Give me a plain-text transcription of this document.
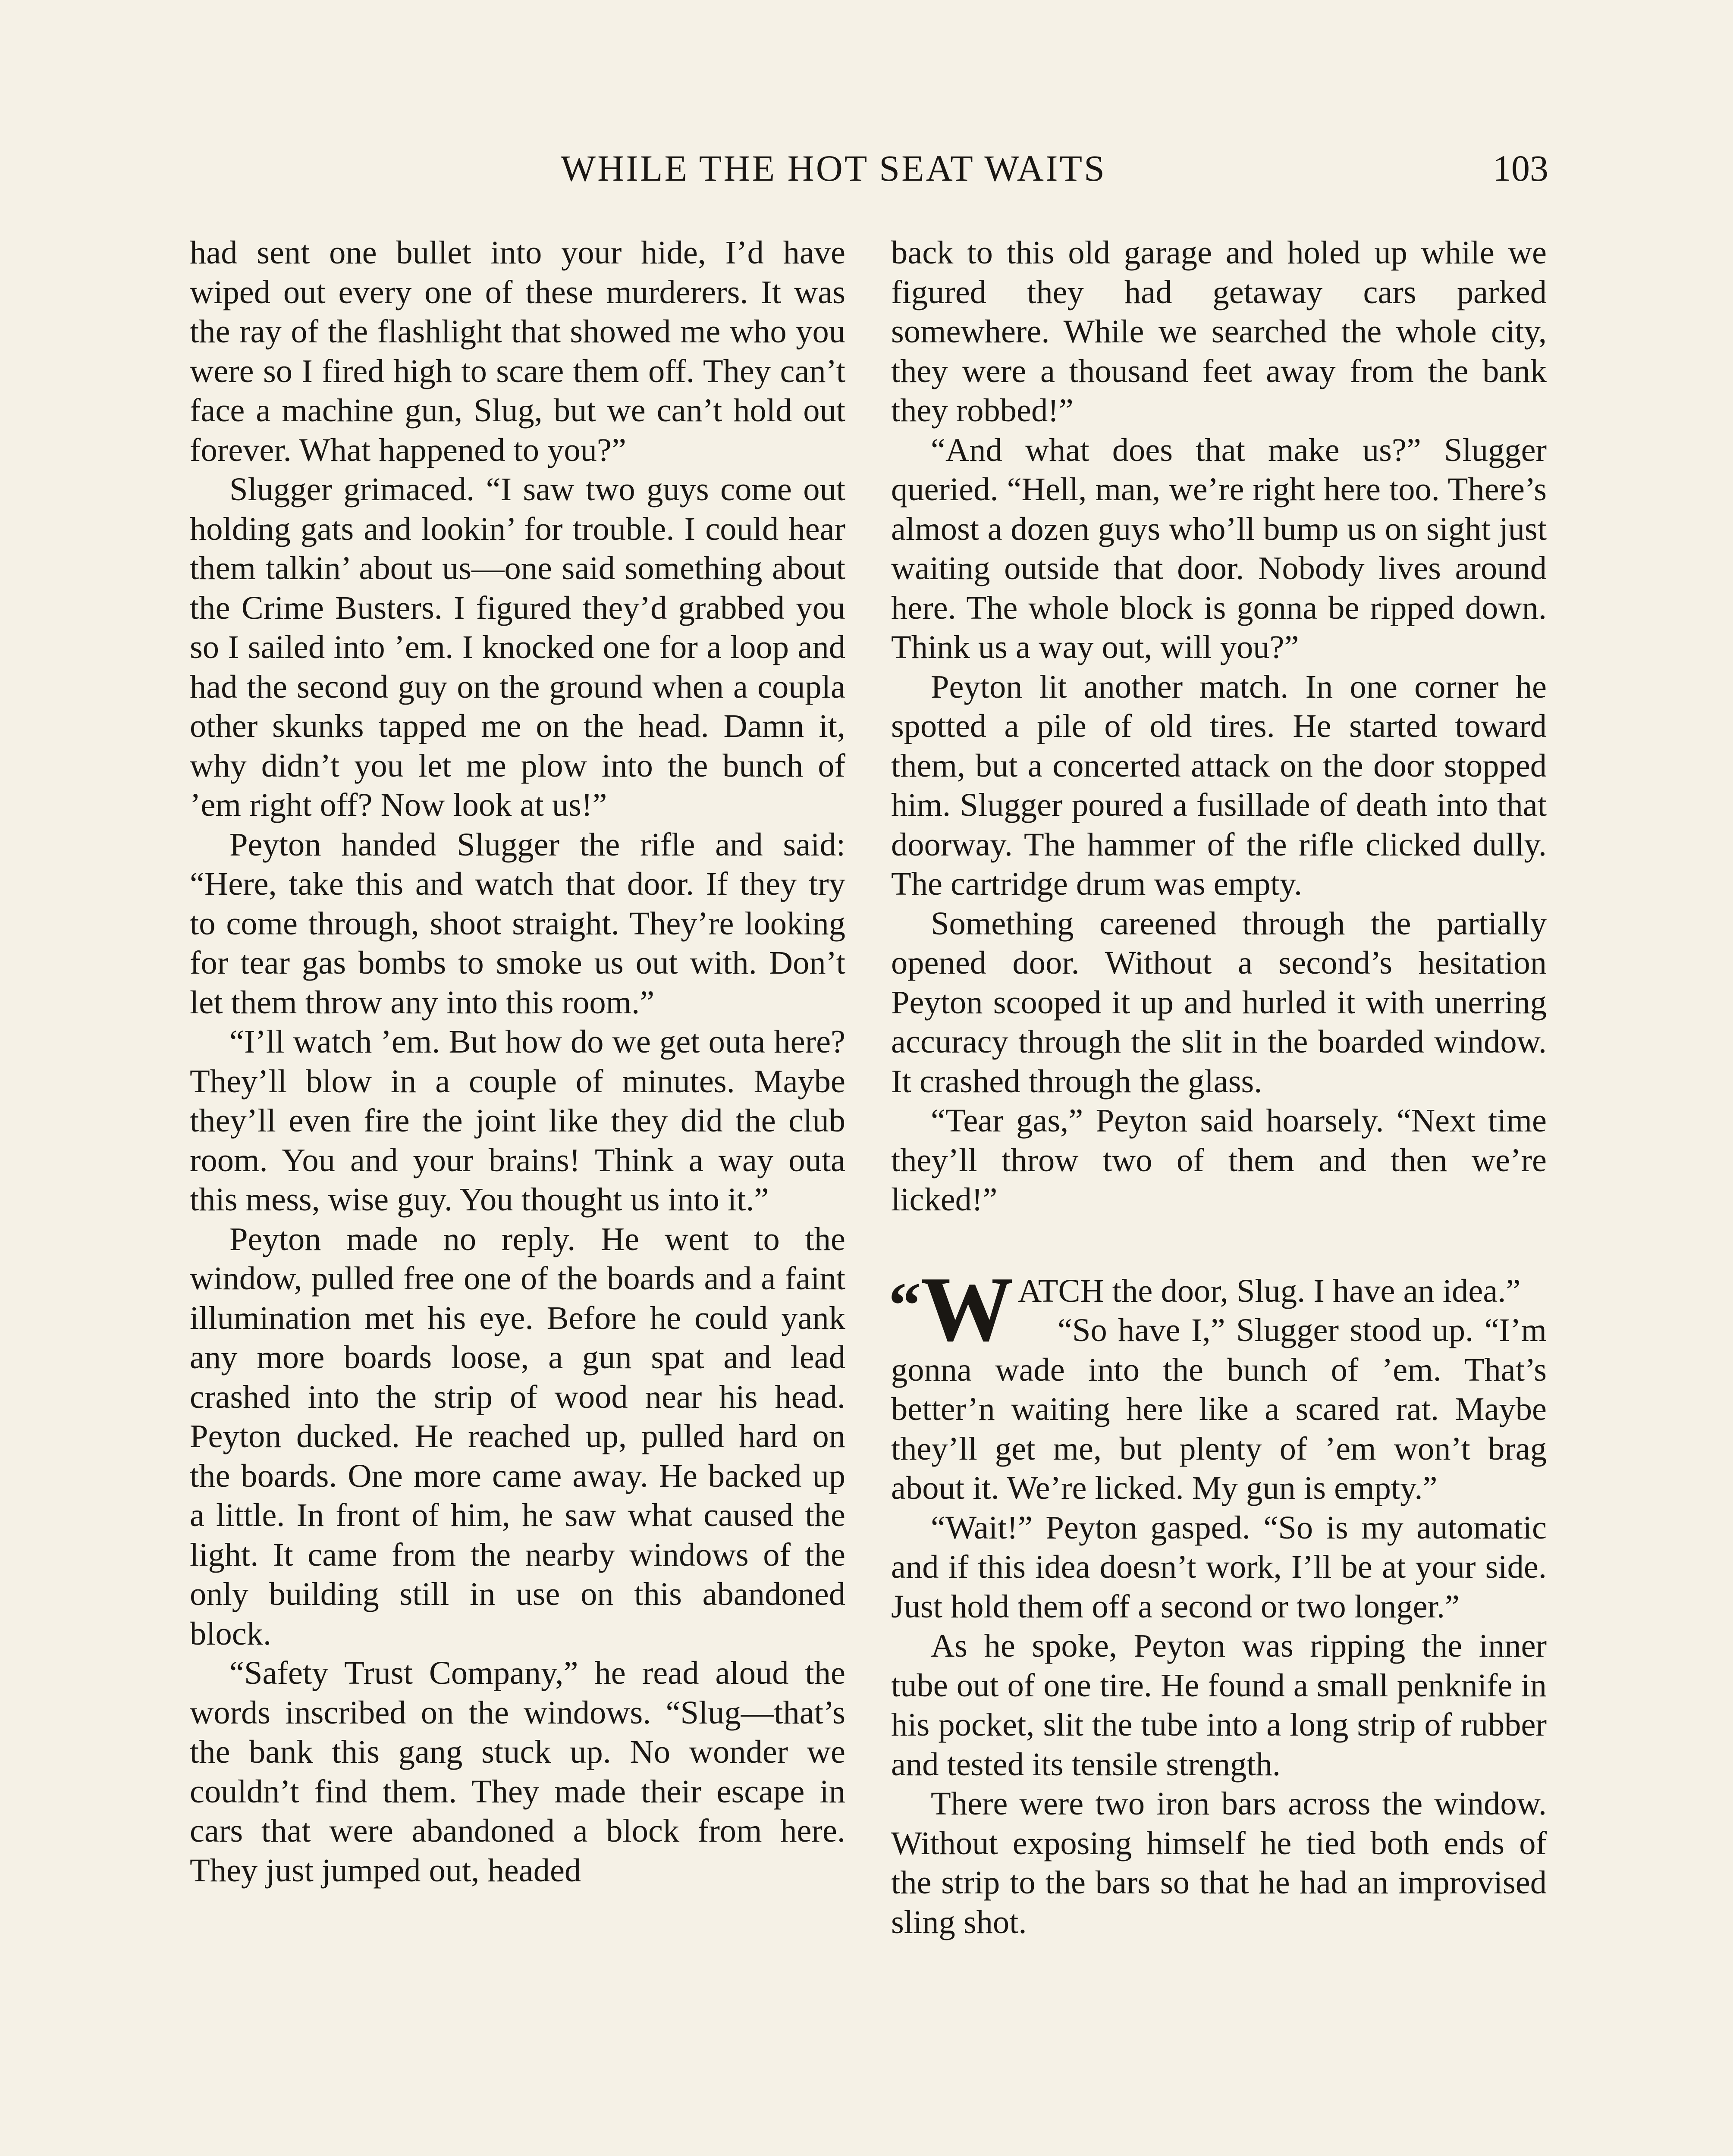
WHILE THE HOT SEAT WAITS	103

had sent one bullet into your hide, I’d have wiped out every one of these murderers. It was the ray of the flashlight that showed me who you were so I fired high to scare them off. They can’t face a machine gun, Slug, but we can’t hold out forever. What happened to you?”

Slugger grimaced. “I saw two guys come out holding gats and lookin’ for trouble. I could hear them talkin’ about us—one said something about the Crime Busters. I figured they’d grabbed you so I sailed into ’em. I knocked one for a loop and had the second guy on the ground when a coupla other skunks tapped me on the head. Damn it, why didn’t you let me plow into the bunch of ’em right off? Now look at us!”

Peyton handed Slugger the rifle and said: “Here, take this and watch that door. If they try to come through, shoot straight. They’re looking for tear gas bombs to smoke us out with. Don’t let them throw any into this room.”

“I’ll watch ’em. But how do we get outa here? They’ll blow in a couple of minutes. Maybe they’ll even fire the joint like they did the club room. You and your brains! Think a way outa this mess, wise guy. You thought us into it.”

Peyton made no reply. He went to the window, pulled free one of the boards and a faint illumination met his eye. Before he could yank any more boards loose, a gun spat and lead crashed into the strip of wood near his head. Peyton ducked. He reached up, pulled hard on the boards. One more came away. He backed up a little. In front of him, he saw what caused the light. It came from the nearby windows of the only building still in use on this abandoned block.

“Safety Trust Company,” he read aloud the words inscribed on the windows. “Slug—that’s the bank this gang stuck up. No wonder we couldn’t find them. They made their escape in cars that were abandoned a block from here. They just jumped out, headed

back to this old garage and holed up while we figured they had getaway cars parked somewhere. While we searched the whole city, they were a thousand feet away from the bank they robbed!”

“And what does that make us?” Slugger queried. “Hell, man, we’re right here too. There’s almost a dozen guys who’ll bump us on sight just waiting outside that door. Nobody lives around here. The whole block is gonna be ripped down. Think us a way out, will you?”

Peyton lit another match. In one corner he spotted a pile of old tires. He started toward them, but a concerted attack on the door stopped him. Slugger poured a fusillade of death into that doorway. The hammer of the rifle clicked dully. The cartridge drum was empty.

Something careened through the partially opened door. Without a second’s hesitation Peyton scooped it up and hurled it with unerring accuracy through the slit in the boarded window. It crashed through the glass.

“Tear gas,” Peyton said hoarsely. “Next time they’ll throw two of them and then we’re licked!”

“W ATCH the door, Slug. I have an idea.”

“So have I,” Slugger stood up. “I’m gonna wade into the bunch of ’em. That’s better’n waiting here like a scared rat. Maybe they’ll get me, but plenty of ’em won’t brag about it. We’re licked. My gun is empty.”

“Wait!” Peyton gasped. “So is my automatic and if this idea doesn’t work, I’ll be at your side. Just hold them off a second or two longer.”

As he spoke, Peyton was ripping the inner tube out of one tire. He found a small penknife in his pocket, slit the tube into a long strip of rubber and tested its tensile strength.

There were two iron bars across the window. Without exposing himself he tied both ends of the strip to the bars so that he had an improvised sling shot.
